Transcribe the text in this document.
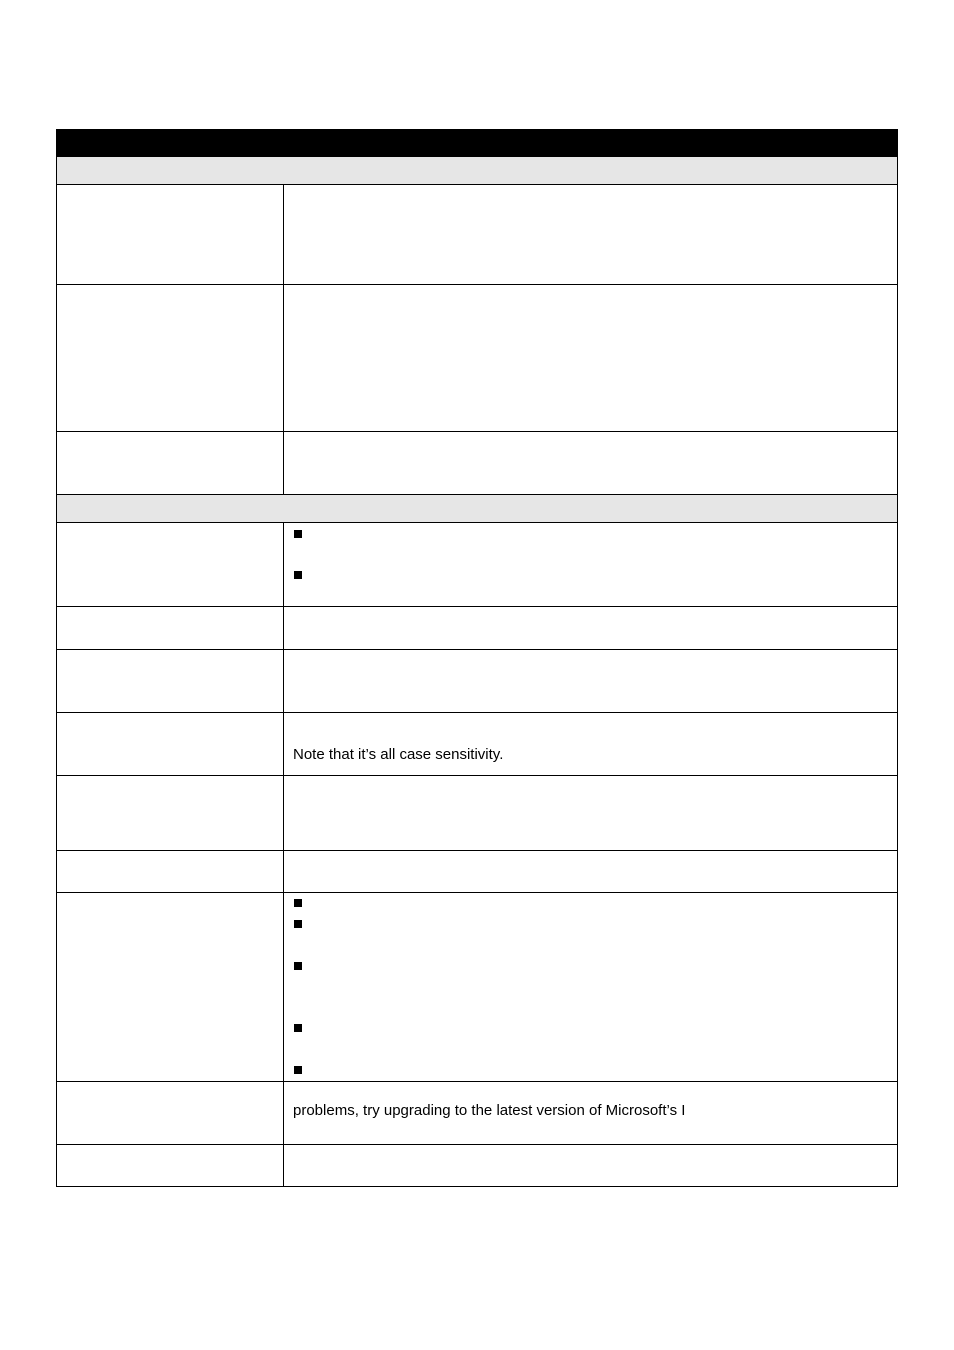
Note that it’s all case sensitivity.
problems, try upgrading to the latest version of Microsoft’s I
